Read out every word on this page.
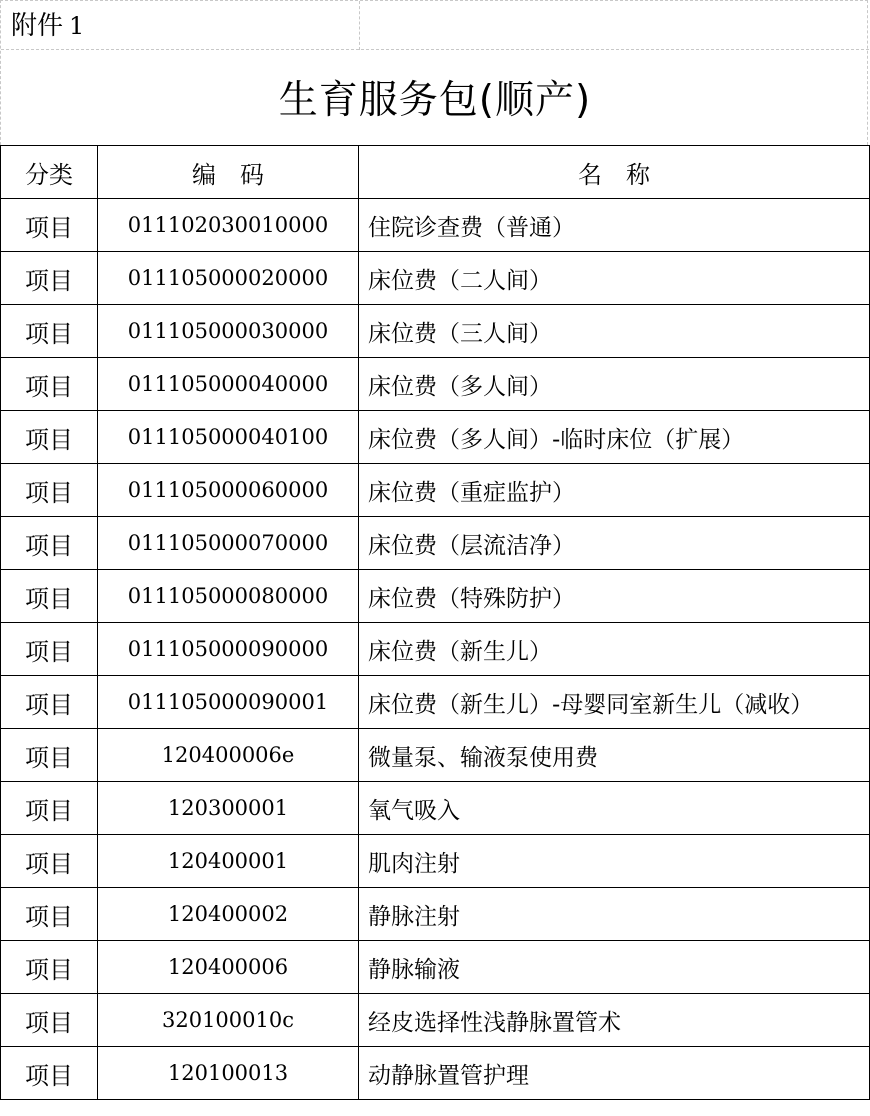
附件 1
生育服务包(顺产)
分类	编　码	名　称
项目	011102030010000	住院诊查费（普通）
项目	011105000020000	床位费（二人间）
项目	011105000030000	床位费（三人间）
项目	011105000040000	床位费（多人间）
项目	011105000040100	床位费（多人间）-临时床位（扩展）
项目	011105000060000	床位费（重症监护）
项目	011105000070000	床位费（层流洁净）
项目	011105000080000	床位费（特殊防护）
项目	011105000090000	床位费（新生儿）
项目	011105000090001	床位费（新生儿）-母婴同室新生儿（减收）
项目	120400006e	微量泵、输液泵使用费
项目	120300001	氧气吸入
项目	120400001	肌肉注射
项目	120400002	静脉注射
项目	120400006	静脉输液
项目	320100010c	经皮选择性浅静脉置管术
项目	120100013	动静脉置管护理
